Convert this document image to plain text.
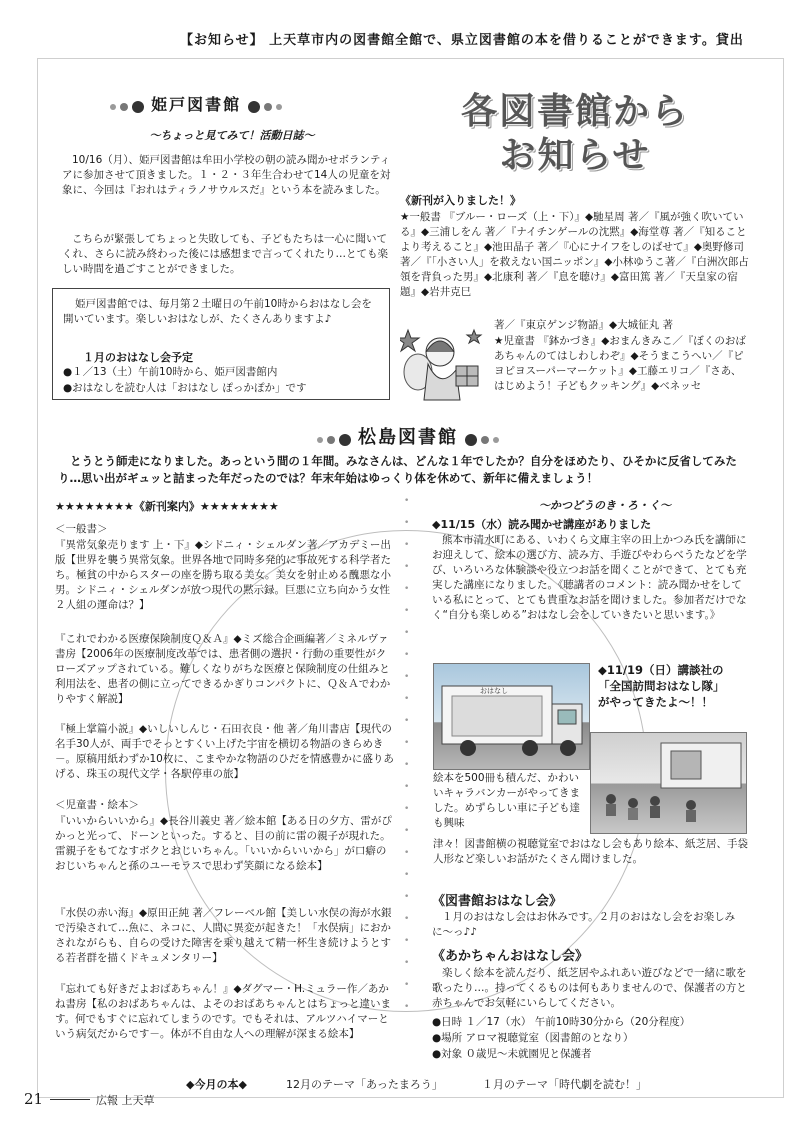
【お知らせ】 上天草市内の図書館全館で、県立図書館の本を借りることができます。貸出
姫戸図書館
〜ちょっと見てみて！活動日誌〜
10/16（月）、姫戸図書館は牟田小学校の朝の読み聞かせボランティアに参加させて頂きました。１・２・３年生合わせて14人の児童を対象に、今回は『おれはティラノサウルスだ』という本を読みました。
こちらが緊張してちょっと失敗しても、子どもたちは一心に聞いてくれ、さらに読み終わった後には感想まで言ってくれたり…とても楽しい時間を過ごすことができました。
姫戸図書館では、毎月第２土曜日の午前10時からおはなし会を開いています。楽しいおはなしが、たくさんありますよ♪
１月のおはなし会予定
●１／13（土）午前10時から、姫戸図書館内
●おはなしを読む人は「おはなし ぽっかぽか」です
各図書館から
お知らせ
《新刊が入りました！》
★一般書 『ブルー・ローズ（上・下）』◆馳星周 著／『風が強く吹いている』◆三浦しをん 著／『ナイチンゲールの沈黙』◆海堂尊 著／『知ることより考えること』◆池田晶子 著／『心にナイフをしのばせて』◆奥野修司 著／『「小さい人」を救えない国ニッポン』◆小林ゆうこ著／『白洲次郎占領を背負った男』◆北康利 著／『息を聴け』◆富田篤 著／『天皇家の宿題』◆岩井克巳
著／『東京ゲンジ物語』◆大城征丸 著
★児童書 『鉢かづき』◆おまんきみこ／『ぼくのおばあちゃんのてはしわしわぞ』◆そうまこうへい／『ピヨピヨスーパーマーケット』◆工藤エリコ／『さあ、はじめよう！子どもクッキング』◆ベネッセ
松島図書館
とうとう師走になりました。あっという間の１年間。みなさんは、どんな１年でしたか？自分をほめたり、ひそかに反省してみたり…思い出がギュッと詰まった年だったのでは？年末年始はゆっくり体を休めて、新年に備えましょう！
★★★★★★★★《新刊案内》★★★★★★★★
＜一般書＞
『異常気象売ります 上・下』◆シドニィ・シェルダン著／アカデミー出版【世界を襲う異常気象。世界各地で同時多発的に事故死する科学者たち。極貧の中からスターの座を勝ち取る美女。美女を射止める醜悪な小男。シドニィ・シェルダンが放つ現代の黙示録。巨悪に立ち向かう女性２人組の運命は？】
『これでわかる医療保険制度Ｑ＆Ａ』◆ミズ総合企画編著／ミネルヴァ書房【2006年の医療制度改革では、患者側の選択・行動の重要性がクローズアップされている。難しくなりがちな医療と保険制度の仕組みと利用法を、患者の側に立ってできるかぎりコンパクトに、Ｑ＆Ａでわかりやすく解説】
『極上掌篇小説』◆いしいしんじ・石田衣良・他 著／角川書店【現代の名手30人が、両手でそっとすくい上げた宇宙を横切る物語のきらめき－。原稿用紙わずか10枚に、こまやかな物語のひだを情感豊かに盛りあげる、珠玉の現代文学・各駅停車の旅】
＜児童書・絵本＞
『いいからいいから』◆長谷川義史 著／絵本館【ある日の夕方、雷がぴかっと光って、ドーンといった。すると、目の前に雷の親子が現れた。雷親子をもてなすボクとおじいちゃん。「いいからいいから」が口癖のおじいちゃんと孫のユーモラスで思わず笑顔になる絵本】
『水俣の赤い海』◆原田正純 著／フレーベル館【美しい水俣の海が水銀で汚染されて…魚に、ネコに、人間に異変が起きた！「水俣病」におかされながらも、自らの受けた障害を乗り越えて精一杯生き続けようとする若者群を描くドキュメンタリー】
『忘れても好きだよおばあちゃん！』◆ダグマー・H.ミュラー作／あかね書房【私のおばあちゃんは、よそのおばあちゃんとはちょっと違います。何でもすぐに忘れてしまうのです。でもそれは、アルツハイマーという病気だからです－。体が不自由な人への理解が深まる絵本】
•
•
•
•
•
•
•
•
•
•
•
•
•
•
•
•
•
•
•
•
•
•
•
•
〜かつどうのき・ろ・く〜
◆11/15（水）読み聞かせ講座がありました
熊本市清水町にある、いわくら文庫主宰の田上かつみ氏を講師にお迎えして、絵本の選び方、読み方、手遊びやわらべうたなどを学び、いろいろな体験談や役立つお話を聞くことができて、とても充実した講座になりました。《聴講者のコメント：読み聞かせをしている私にとって、とても貴重なお話を聞けました。参加者だけでなく“自分も楽しめる”おはなし会をしていきたいと思います。》
おはなし
◆11/19（日）講談社の
「全国訪問おはなし隊」
がやってきたよ〜！！
絵本を500冊も積んだ、かわいいキャラバンカーがやってきました。めずらしい車に子ども達も興味
津々！図書館横の視聴覚室でおはなし会もあり絵本、紙芝居、手袋人形など楽しいお話がたくさん聞けました。
《図書館おはなし会》
１月のおはなし会はお休みです。２月のおはなし会をお楽しみに〜っ♪♪
《あかちゃんおはなし会》
楽しく絵本を読んだり、紙芝居やふれあい遊びなどで一緒に歌を歌ったり…。持ってくるものは何もありませんので、保護者の方と赤ちゃんでお気軽にいらしてください。
●日時 １／17（水） 午前10時30分から（20分程度）
●場所 アロマ視聴覚室（図書館のとなり）
●対象 ０歳児〜未就園児と保護者
21	広報 上天草
◆今月の本◆	12月のテーマ「あったまろう」	１月のテーマ「時代劇を読む！」
